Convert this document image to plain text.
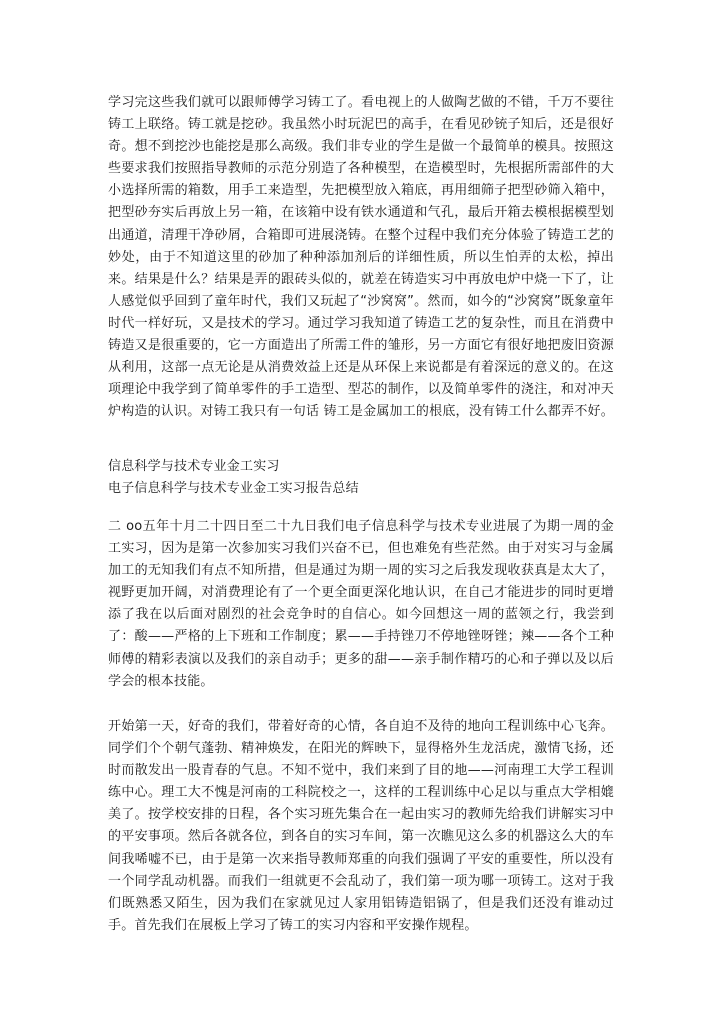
学习完这些我们就可以跟师傅学习铸工了。看电视上的人做陶艺做的不错，千万不要往铸工上联络。铸工就是挖砂。我虽然小时玩泥巴的高手，在看见砂铳子知后，还是很好奇。想不到挖沙也能挖是那么高级。我们非专业的学生是做一个最简单的模具。按照这些要求我们按照指导教师的示范分别造了各种模型，在造模型时，先根据所需部件的大小选择所需的箱数，用手工来造型，先把模型放入箱底，再用细筛子把型砂筛入箱中，把型砂夯实后再放上另一箱，在该箱中设有铁水通道和气孔，最后开箱去模根据模型划出通道，清理干净砂屑，合箱即可进展浇铸。在整个过程中我们充分体验了铸造工艺的妙处，由于不知道这里的砂加了种种添加剂后的详细性质，所以生怕弄的太松，掉出来。结果是什么？结果是弄的跟砖头似的，就差在铸造实习中再放电炉中烧一下了，让人感觉似乎回到了童年时代，我们又玩起了“沙窝窝”。然而，如今的“沙窝窝”既象童年时代一样好玩，又是技术的学习。通过学习我知道了铸造工艺的复杂性，而且在消费中铸造又是很重要的，它一方面造出了所需工件的雏形，另一方面它有很好地把废旧资源从利用，这部一点无论是从消费效益上还是从环保上来说都是有着深远的意义的。在这项理论中我学到了简单零件的手工造型、型芯的制作，以及简单零件的浇注，和对冲天炉构造的认识。对铸工我只有一句话 铸工是金属加工的根底，没有铸工什么都弄不好。
信息科学与技术专业金工实习
电子信息科学与技术专业金工实习报告总结
二 oo五年十月二十四日至二十九日我们电子信息科学与技术专业进展了为期一周的金工实习，因为是第一次参加实习我们兴奋不已，但也难免有些茫然。由于对实习与金属加工的无知我们有点不知所措，但是通过为期一周的实习之后我发现收获真是太大了，视野更加开阔，对消费理论有了一个更全面更深化地认识，在自己才能进步的同时更增添了我在以后面对剧烈的社会竞争时的自信心。如今回想这一周的蓝领之行，我尝到了：酸——严格的上下班和工作制度；累——手持锉刀不停地锉呀锉；辣——各个工种师傅的精彩表演以及我们的亲自动手；更多的甜——亲手制作精巧的心和子弹以及以后学会的根本技能。
开始第一天，好奇的我们，带着好奇的心情，各自迫不及待的地向工程训练中心飞奔。同学们个个朝气蓬勃、精神焕发，在阳光的辉映下，显得格外生龙活虎，激情飞扬，还时而散发出一股青春的气息。不知不觉中，我们来到了目的地——河南理工大学工程训练中心。理工大不愧是河南的工科院校之一，这样的工程训练中心足以与重点大学相媲美了。按学校安排的日程，各个实习班先集合在一起由实习的教师先给我们讲解实习中的平安事项。然后各就各位，到各自的实习车间，第一次瞧见这么多的机器这么大的车间我唏嘘不已，由于是第一次来指导教师郑重的向我们强调了平安的重要性，所以没有一个同学乱动机器。而我们一组就更不会乱动了，我们第一项为哪一项铸工。这对于我们既熟悉又陌生，因为我们在家就见过人家用铝铸造铝锅了，但是我们还没有谁动过手。首先我们在展板上学习了铸工的实习内容和平安操作规程。
